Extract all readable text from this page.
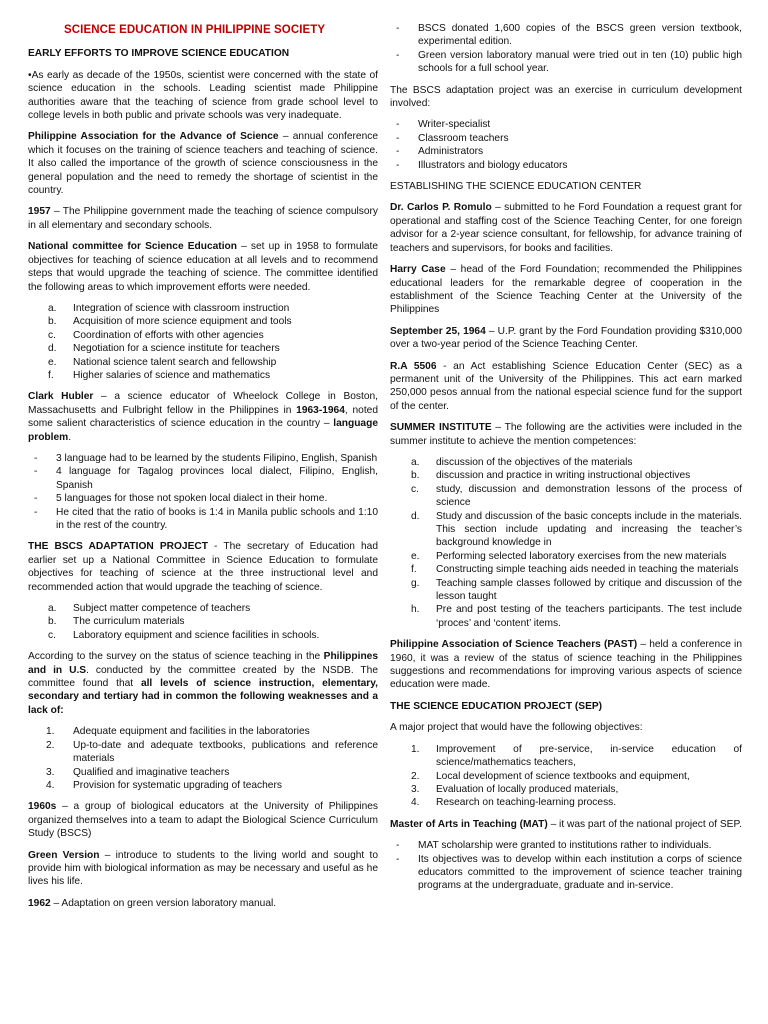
SCIENCE EDUCATION IN PHILIPPINE SOCIETY
EARLY EFFORTS TO IMPROVE SCIENCE EDUCATION

•As early as decade of the 1950s, scientist were concerned with the state of science education in the schools. Leading scientist made Philippine authorities aware that the teaching of science from grade school level to college levels in both public and private schools was very inadequate.

Philippine Association for the Advance of Science – annual conference which it focuses on the training of science teachers and teaching of science. It also called the importance of the growth of science consciousness in the general population and the need to remedy the shortage of scientist in the country.

1957 – The Philippine government made the teaching of science compulsory in all elementary and secondary schools.

National committee for Science Education – set up in 1958 to formulate objectives for teaching of science education at all levels and to recommend steps that would upgrade the teaching of science. The committee identified the following areas to which improvement efforts were needed.

a. Integration of science with classroom instruction
b. Acquisition of more science equipment and tools
c. Coordination of efforts with other agencies
d. Negotiation for a science institute for teachers
e. National science talent search and fellowship
f. Higher salaries of science and mathematics

Clark Hubler – a science educator of Wheelock College in Boston, Massachusetts and Fulbright fellow in the Philippines in 1963-1964, noted some salient characteristics of science education in the country – language problem.

- 3 language had to be learned by the students Filipino, English, Spanish
- 4 language for Tagalog provinces local dialect, Filipino, English, Spanish
- 5 languages for those not spoken local dialect in their home.
- He cited that the ratio of books is 1:4 in Manila public schools and 1:10 in the rest of the country.

THE BSCS ADAPTATION PROJECT - The secretary of Education had earlier set up a National Committee in Science Education to formulate objectives for teaching of science at the three instructional level and recommended action that would upgrade the teaching of science.

a. Subject matter competence of teachers
b. The curriculum materials
c. Laboratory equipment and science facilities in schools.

According to the survey on the status of science teaching in the Philippines and in U.S. conducted by the committee created by the NSDB. The committee found that all levels of science instruction, elementary, secondary and tertiary had in common the following weaknesses and a lack of:

1. Adequate equipment and facilities in the laboratories
2. Up-to-date and adequate textbooks, publications and reference materials
3. Qualified and imaginative teachers
4. Provision for systematic upgrading of teachers

1960s – a group of biological educators at the University of Philippines organized themselves into a team to adapt the Biological Science Curriculum Study (BSCS)

Green Version – introduce to students to the living world and sought to provide him with biological information as may be necessary and useful as he lives his life.

1962 – Adaptation on green version laboratory manual.

- BSCS donated 1,600 copies of the BSCS green version textbook, experimental edition.
- Green version laboratory manual were tried out in ten (10) public high schools for a full school year.

The BSCS adaptation project was an exercise in curriculum development involved:

- Writer-specialist
- Classroom teachers
- Administrators
- Illustrators and biology educators
ESTABLISHING THE SCIENCE EDUCATION CENTER

Dr. Carlos P. Romulo – submitted to he Ford Foundation a request grant for operational and staffing cost of the Science Teaching Center, for one foreign advisor for a 2-year science consultant, for fellowship, for advance training of teachers and supervisors, for books and facilities.

Harry Case – head of the Ford Foundation; recommended the Philippines educational leaders for the remarkable degree of cooperation in the establishment of the Science Teaching Center at the University of the Philippines

September 25, 1964 – U.P. grant by the Ford Foundation providing $310,000 over a two-year period of the Science Teaching Center.

R.A 5506 - an Act establishing Science Education Center (SEC) as a permanent unit of the University of the Philippines. This act earn marked 250,000 pesos annual from the national especial science fund for the support of the center.

SUMMER INSTITUTE – The following are the activities were included in the summer institute to achieve the mention competences:

a. discussion of the objectives of the materials
b. discussion and practice in writing instructional objectives
c. study, discussion and demonstration lessons of the process of science
d. Study and discussion of the basic concepts include in the materials. This section include updating and increasing the teacher’s background knowledge in
e. Performing selected laboratory exercises from the new materials
f. Constructing simple teaching aids needed in teaching the materials
g. Teaching sample classes followed by critique and discussion of the lesson taught
h. Pre and post testing of the teachers participants. The test include ‘proces’ and ‘content’ items.

Philippine Association of Science Teachers (PAST) – held a conference in 1960, it was a review of the status of science teaching in the Philippines suggestions and recommendations for improving various aspects of science education were made.

THE SCIENCE EDUCATION PROJECT (SEP)

A major project that would have the following objectives:

1. Improvement of pre-service, in-service education of science/mathematics teachers,
2. Local development of science textbooks and equipment,
3. Evaluation of locally produced materials,
4. Research on teaching-learning process.

Master of Arts in Teaching (MAT) – it was part of the national project of SEP.

- MAT scholarship were granted to institutions rather to individuals.
- Its objectives was to develop within each institution a corps of science educators committed to the improvement of science teacher training programs at the undergraduate, graduate and in-service.
